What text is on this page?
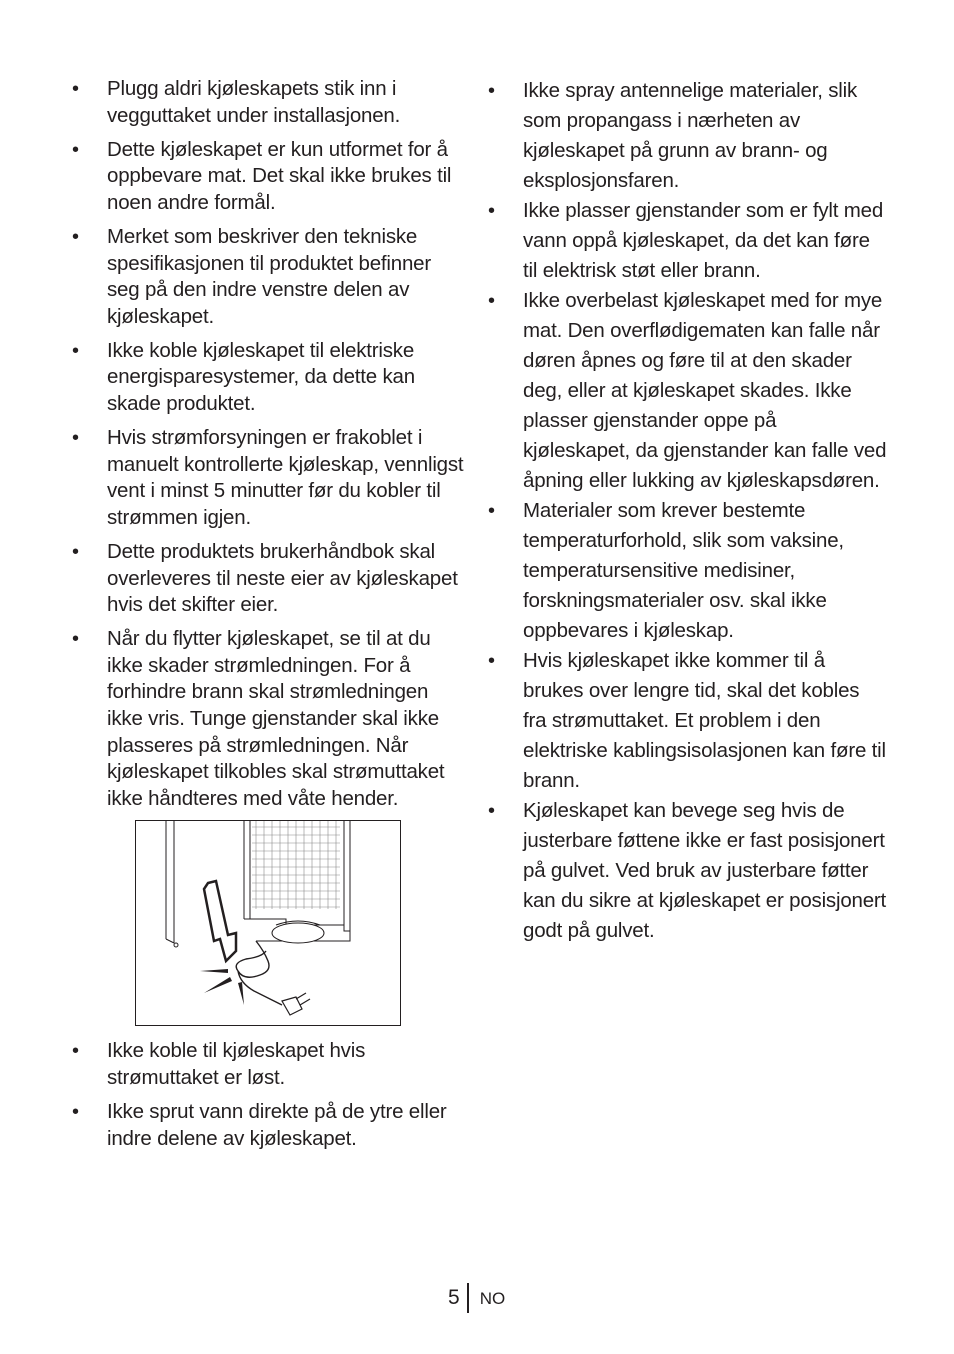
• Plugg aldri kjøleskapets stik inn i vegguttaket under installasjonen.
• Dette kjøleskapet er kun utformet for å oppbevare mat. Det skal ikke brukes til noen andre formål.
• Merket som beskriver den tekniske spesifikasjonen til produktet befinner seg på den indre venstre delen av kjøleskapet.
• Ikke koble kjøleskapet til elektriske energisparesystemer, da dette kan skade produktet.
• Hvis strømforsyningen er frakoblet i manuelt kontrollerte kjøleskap, vennligst vent i minst 5 minutter før du kobler til strømmen igjen.
• Dette produktets brukerhåndbok skal overleveres til neste eier av kjøleskapet hvis det skifter eier.
• Når du flytter kjøleskapet, se til at du ikke skader strømledningen. For å forhindre brann skal strømledningen ikke vris. Tunge gjenstander skal ikke plasseres på strømledningen. Når kjøleskapet tilkobles skal strømuttaket ikke håndteres med våte hender.
• Ikke koble til kjøleskapet hvis strømuttaket er løst.
• Ikke sprut vann direkte på de ytre eller indre delene av kjøleskapet.
• Ikke spray antennelige materialer, slik som propangass i nærheten av kjøleskapet på grunn av brann- og eksplosjonsfaren.
• Ikke plasser gjenstander som er fylt med vann oppå kjøleskapet, da det kan føre til elektrisk støt eller brann.
• Ikke overbelast kjøleskapet med for mye mat. Den overflødigematen kan falle når døren åpnes og føre til at den skader deg, eller at kjøleskapet skades. Ikke plasser gjenstander oppe på kjøleskapet, da gjenstander kan falle ved åpning eller lukking av kjøleskapsdøren.
• Materialer som krever bestemte temperaturforhold, slik som vaksine, temperatursensitive medisiner, forskningsmaterialer osv. skal ikke oppbevares i kjøleskap.
• Hvis kjøleskapet ikke kommer til å brukes over lengre tid, skal det kobles fra strømuttaket. Et problem i den elektriske kablingsisolasjonen kan føre til brann.
• Kjøleskapet kan bevege seg hvis de justerbare føttene ikke er fast posisjonert på gulvet. Ved bruk av justerbare føtter kan du sikre at kjøleskapet er posisjonert godt på gulvet.
5 NO
